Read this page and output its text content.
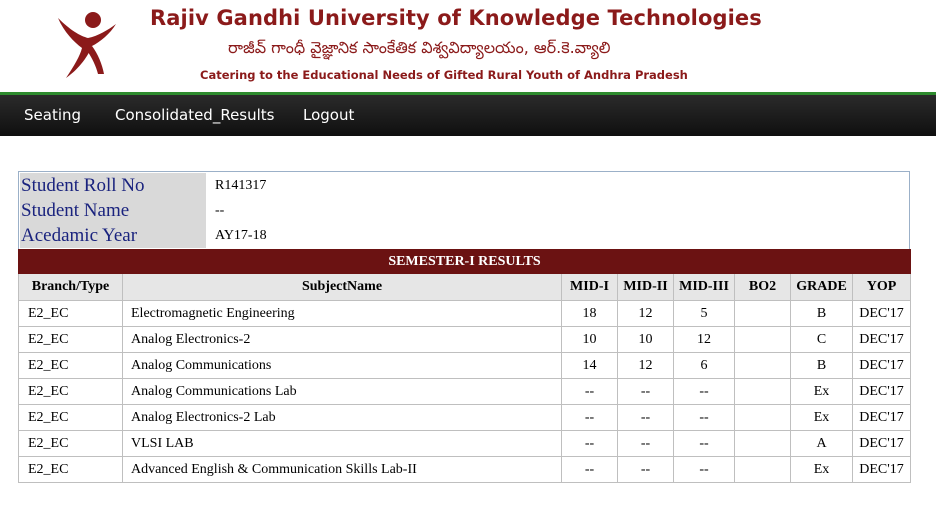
Rajiv Gandhi University of Knowledge Technologies
రాజీవ్ గాంధీ వైజ్ఞానిక సాంకేతిక విశ్వవిద్యాలయం, ఆర్.కె.వ్యాలి
Catering to the Educational Needs of Gifted Rural Youth of Andhra Pradesh
Seating Consolidated_Results Logout
Student Roll No	R141317
Student Name	--
Acedamic Year	AY17-18
SEMESTER-I RESULTS							
Branch/Type	SubjectName	MID-I	MID-II	MID-III	BO2	GRADE	YOP
E2_EC	Electromagnetic Engineering	18	12	5		B	DEC'17
E2_EC	Analog Electronics-2	10	10	12		C	DEC'17
E2_EC	Analog Communications	14	12	6		B	DEC'17
E2_EC	Analog Communications Lab	--	--	--		Ex	DEC'17
E2_EC	Analog Electronics-2 Lab	--	--	--		Ex	DEC'17
E2_EC	VLSI LAB	--	--	--		A	DEC'17
E2_EC	Advanced English & Communication Skills Lab-II	--	--	--		Ex	DEC'17
